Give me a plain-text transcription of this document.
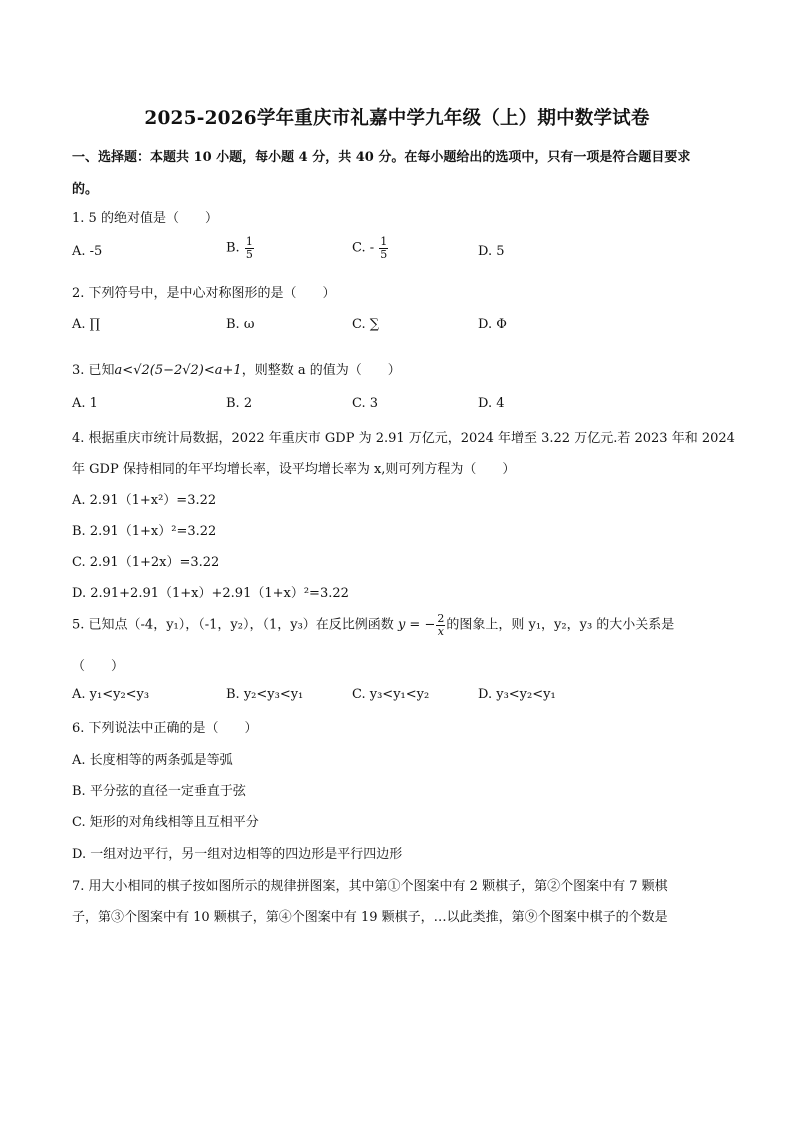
2025-2026学年重庆市礼嘉中学九年级（上）期中数学试卷
一、选择题：本题共 10 小题，每小题 4 分，共 40 分。在每小题给出的选项中，只有一项是符合题目要求
的。
1. 5 的绝对值是（　　）
A. -5	B. $\frac{1}{5}$	C. - $\frac{1}{5}$	D. 5
2. 下列符号中，是中心对称图形的是（　　）
A. ∏	B. ω	C. ∑	D. Φ
3. 已知a<√2(5−2√2)<a+1，则整数 a 的值为（　　）
A. 1	B. 2	C. 3	D. 4
4. 根据重庆市统计局数据，2022 年重庆市 GDP 为 2.91 万亿元，2024 年增至 3.22 万亿元.若 2023 年和 2024
年 GDP 保持相同的年平均增长率，设平均增长率为 x,则可列方程为（　　）
A. 2.91（1+x²）=3.22
B. 2.91（1+x）²=3.22
C. 2.91（1+2x）=3.22
D. 2.91+2.91（1+x）+2.91（1+x）²=3.22
5. 已知点（-4，y₁），（-1，y₂），（1，y₃）在反比例函数 y = − $\frac{2}{x}$ 的图象上，则 y₁，y₂，y₃ 的大小关系是
（　　）
A. y₁<y₂<y₃	B. y₂<y₃<y₁	C. y₃<y₁<y₂	D. y₃<y₂<y₁
6. 下列说法中正确的是（　　）
A. 长度相等的两条弧是等弧
B. 平分弦的直径一定垂直于弦
C. 矩形的对角线相等且互相平分
D. 一组对边平行，另一组对边相等的四边形是平行四边形
7. 用大小相同的棋子按如图所示的规律拼图案，其中第①个图案中有 2 颗棋子，第②个图案中有 7 颗棋
子，第③个图案中有 10 颗棋子，第④个图案中有 19 颗棋子，…以此类推，第⑨个图案中棋子的个数是
